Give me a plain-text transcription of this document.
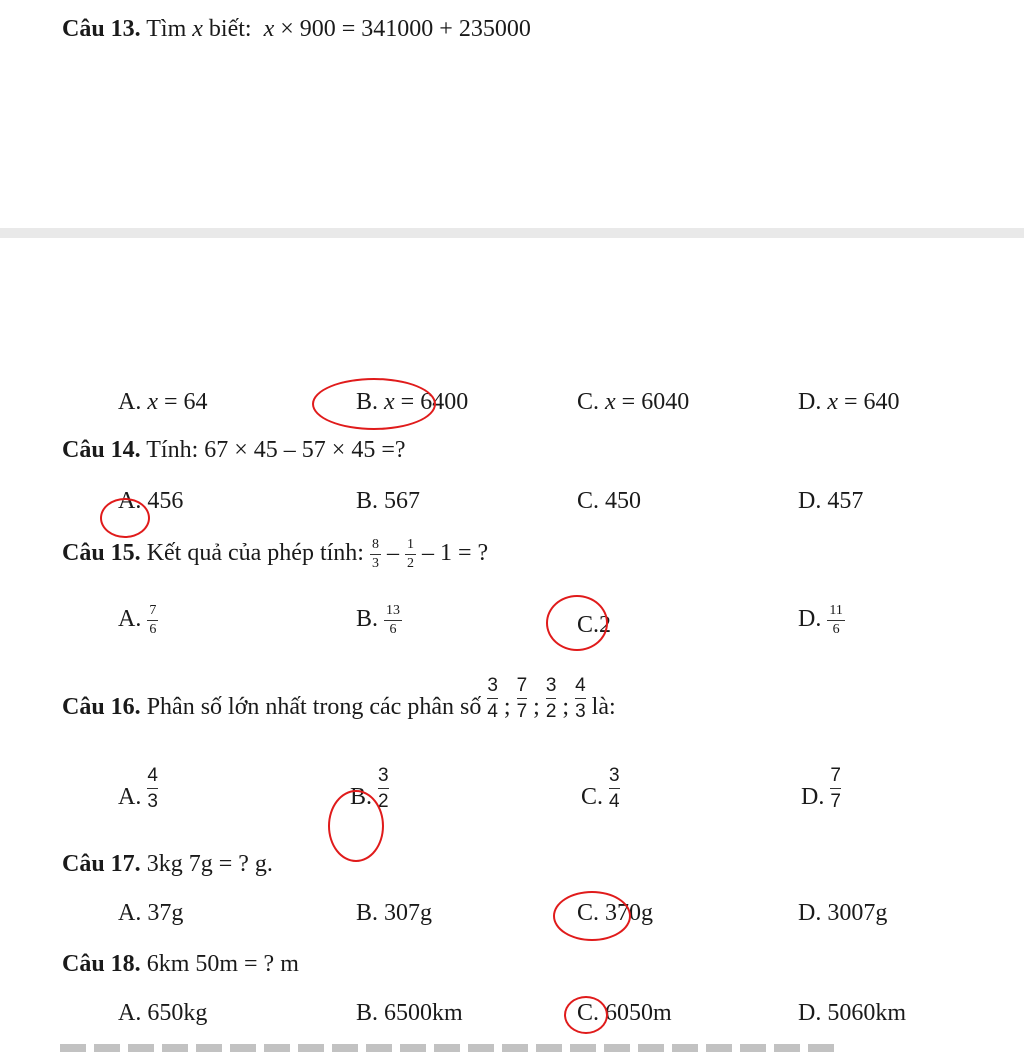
Câu 13. Tìm x biết: x × 900 = 341000 + 235000
A. x = 64	B. x = 6400	C. x = 6040	D. x = 640
Câu 14. Tính: 67 × 45 – 57 × 45 =?
A. 456	B. 567	C. 450	D. 457
Câu 15. Kết quả của phép tính: $\frac{8}{3} - \frac{1}{2} - 1$ = ?
A. $\frac{7}{6}$	B. $\frac{13}{6}$	C.2	D. $\frac{11}{6}$
Câu 16. Phân số lớn nhất trong các phân số $\frac{3}{4}$ ; $\frac{7}{7}$ ; $\frac{3}{2}$ ; $\frac{4}{3}$ là:
A. $\frac{4}{3}$	B. $\frac{3}{2}$	C. $\frac{3}{4}$	D. $\frac{7}{7}$
Câu 17. 3kg 7g = ? g.
A. 37g	B. 307g	C. 370g	D. 3007g
Câu 18. 6km 50m = ? m
A. 650kg	B. 6500km	C. 6050m	D. 5060km
